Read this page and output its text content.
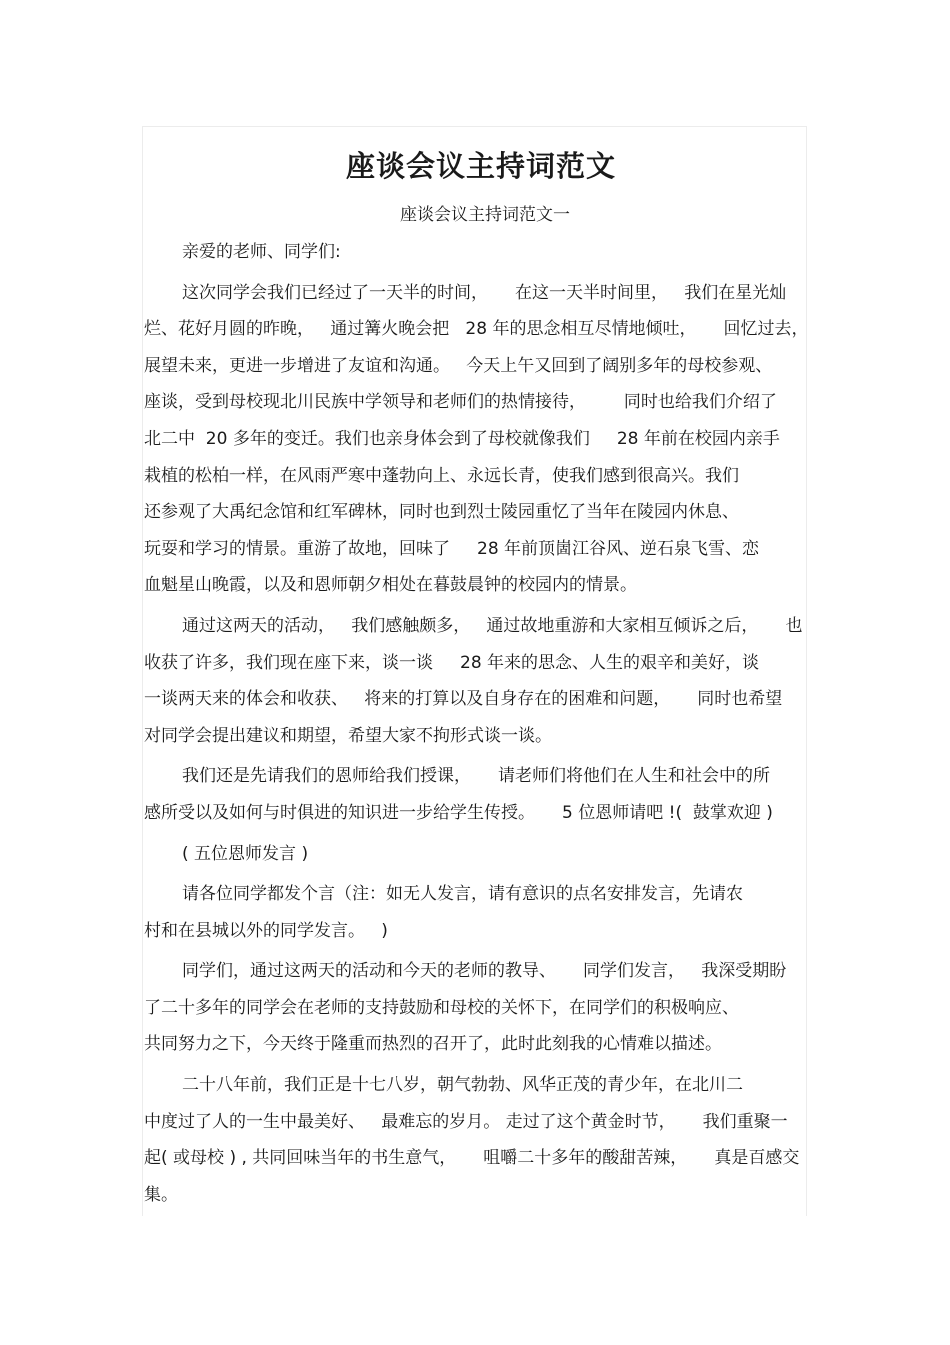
座谈会议主持词范文
座谈会议主持词范文一
亲爱的老师、同学们:
这次同学会我们已经过了一天半的时间，     在这一天半时间里，   我们在星光灿
烂、花好月圆的昨晚，   通过篝火晚会把   28 年的思念相互尽情地倾吐，     回忆过去，
展望未来，更进一步增进了友谊和沟通。   今天上午又回到了阔别多年的母校参观、
座谈，受到母校现北川民族中学领导和老师们的热情接待，       同时也给我们介绍了
北二中  20 多年的变迁。我们也亲身体会到了母校就像我们     28 年前在校园内亲手
栽植的松柏一样，在风雨严寒中蓬勃向上、永远长青，使我们感到很高兴。我们
还参观了大禹纪念馆和红军碑林，同时也到烈士陵园重忆了当年在陵园内休息、
玩耍和学习的情景。重游了故地，回味了     28 年前顶崮江谷风、逆石泉飞雪、恋
血魁星山晚霞，以及和恩师朝夕相处在暮鼓晨钟的校园内的情景。
通过这两天的活动，   我们感触颇多，   通过故地重游和大家相互倾诉之后，     也
收获了许多，我们现在座下来，谈一谈     28 年来的思念、人生的艰辛和美好，谈
一谈两天来的体会和收获、   将来的打算以及自身存在的困难和问题，     同时也希望
对同学会提出建议和期望，希望大家不拘形式谈一谈。
我们还是先请我们的恩师给我们授课，     请老师们将他们在人生和社会中的所
感所受以及如何与时俱进的知识进一步给学生传授。     5 位恩师请吧 !(  鼓掌欢迎 )
( 五位恩师发言 )
请各位同学都发个言（注：如无人发言，请有意识的点名安排发言，先请农
村和在县城以外的同学发言。   )
同学们，通过这两天的活动和今天的老师的教导、     同学们发言，   我深受期盼
了二十多年的同学会在老师的支持鼓励和母校的关怀下，在同学们的积极响应、
共同努力之下，今天终于隆重而热烈的召开了，此时此刻我的心情难以描述。
二十八年前，我们正是十七八岁，朝气勃勃、风华正茂的青少年，在北川二
中度过了人的一生中最美好、   最难忘的岁月。 走过了这个黄金时节，     我们重聚一
起( 或母校 ) , 共同回味当年的书生意气，     咀嚼二十多年的酸甜苦辣，     真是百感交
集。
